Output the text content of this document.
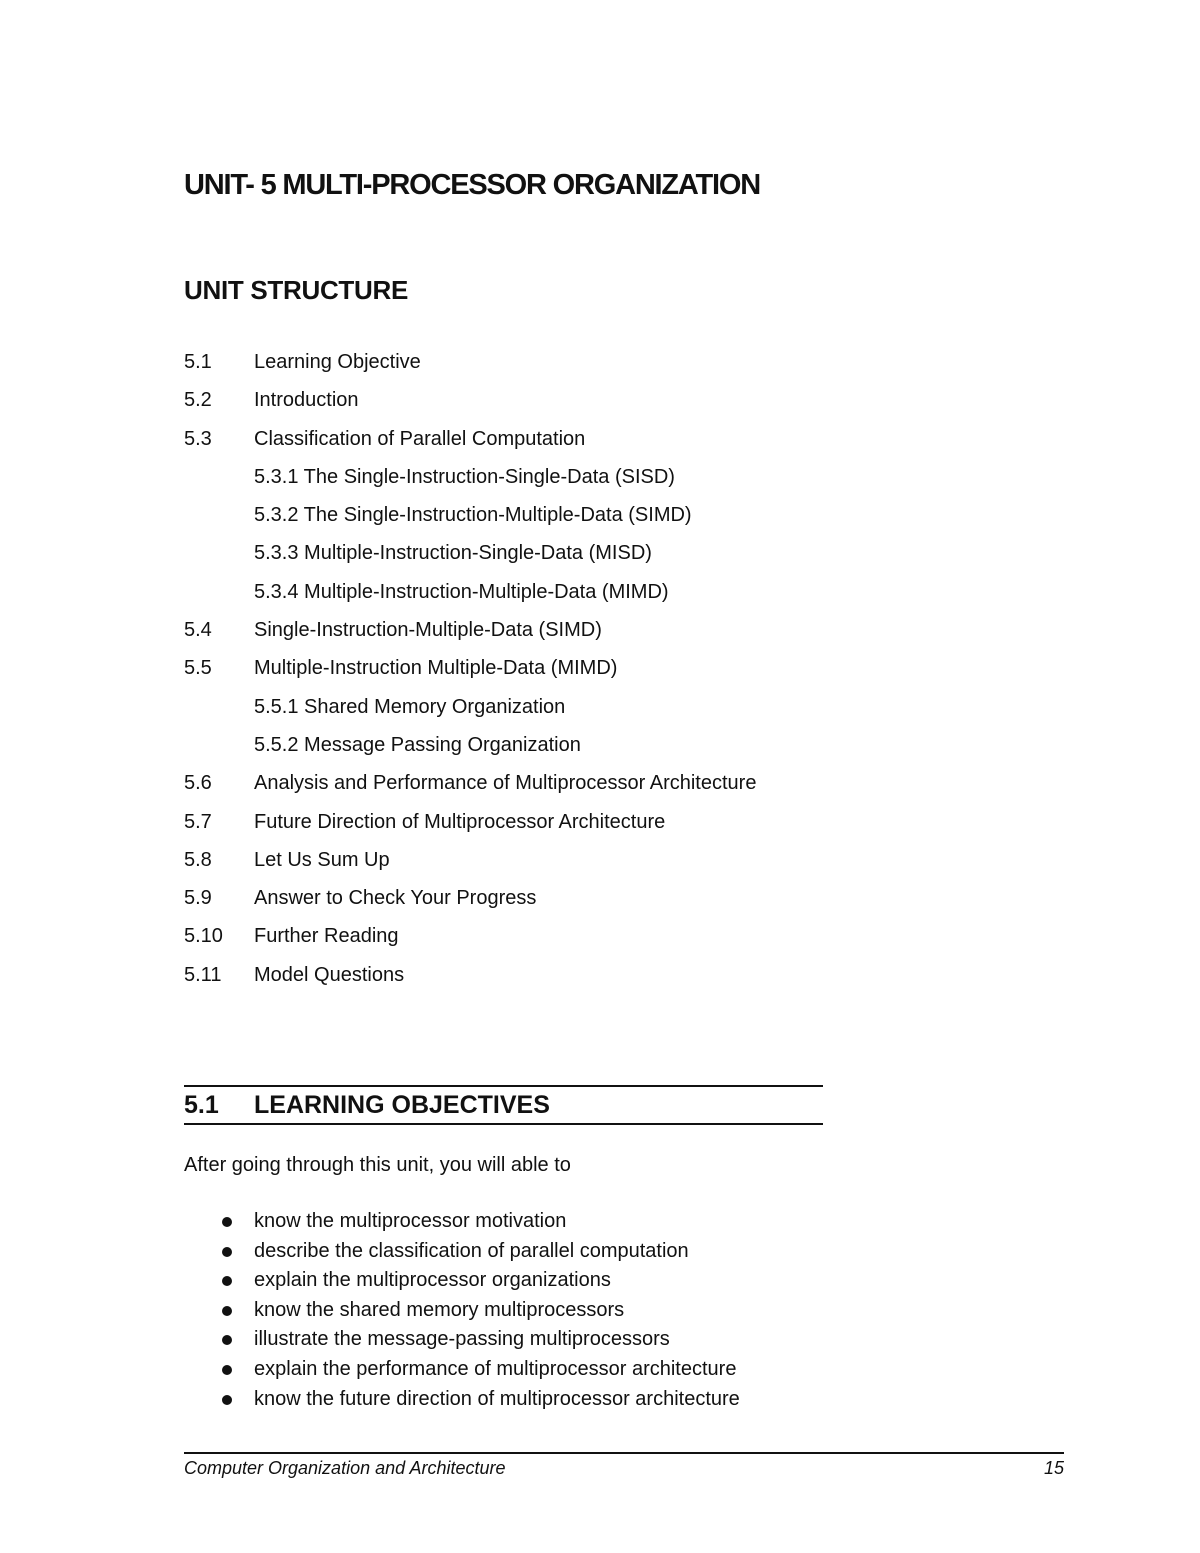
UNIT- 5 MULTI-PROCESSOR ORGANIZATION
UNIT STRUCTURE
5.1 Learning Objective
5.2 Introduction
5.3 Classification of Parallel Computation
5.3.1 The Single-Instruction-Single-Data (SISD)
5.3.2 The Single-Instruction-Multiple-Data (SIMD)
5.3.3 Multiple-Instruction-Single-Data (MISD)
5.3.4 Multiple-Instruction-Multiple-Data (MIMD)
5.4 Single-Instruction-Multiple-Data (SIMD)
5.5 Multiple-Instruction Multiple-Data (MIMD)
5.5.1 Shared Memory Organization
5.5.2 Message Passing Organization
5.6 Analysis and Performance of Multiprocessor Architecture
5.7 Future Direction of Multiprocessor Architecture
5.8 Let Us Sum Up
5.9 Answer to Check Your Progress
5.10 Further Reading
5.11 Model Questions
5.1 LEARNING OBJECTIVES
After going through this unit, you will able to
know the multiprocessor motivation
describe the classification of parallel computation
explain the multiprocessor organizations
know the shared memory multiprocessors
illustrate the message-passing multiprocessors
explain the performance of multiprocessor architecture
know the future direction of multiprocessor architecture
Computer Organization and Architecture	15
